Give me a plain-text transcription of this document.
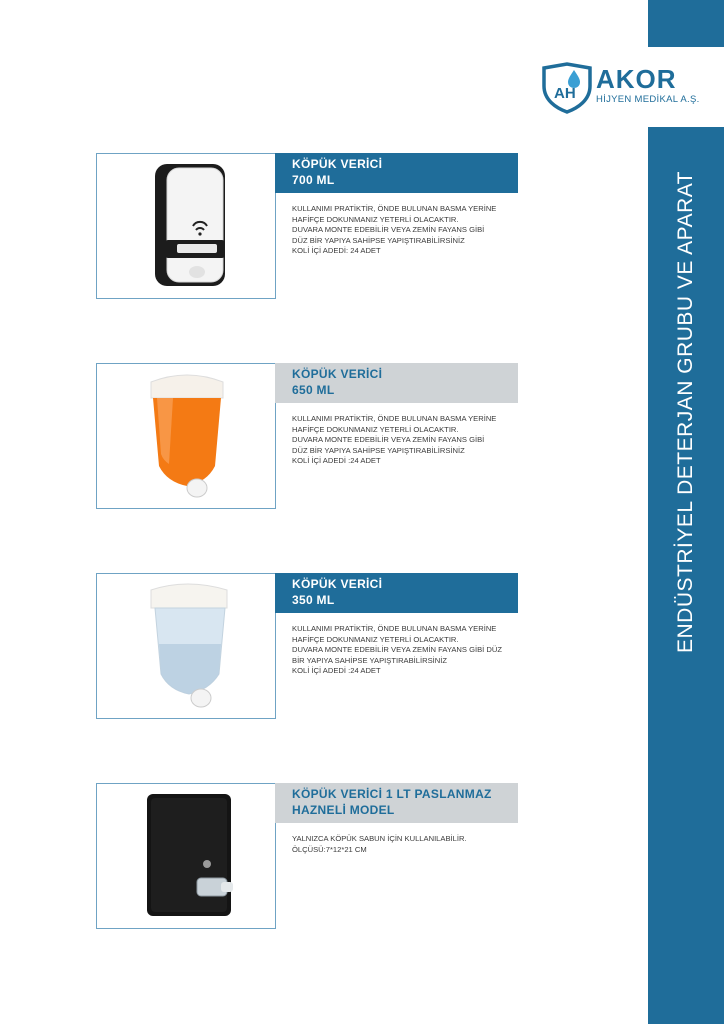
ENDÜSTRİYEL DETERJAN GRUBU VE APARAT
AH AKOR
HİJYEN MEDİKAL A.Ş.
KÖPÜK VERİCİ
700 ML
KULLANIMI PRATİKTİR, ÖNDE BULUNAN BASMA YERİNE
HAFİFÇE DOKUNMANIZ YETERLİ OLACAKTIR.
DUVARA MONTE EDEBİLİR VEYA ZEMİN FAYANS GİBİ
DÜZ BİR YAPIYA SAHİPSE YAPIŞTIRABİLİRSİNİZ
KOLİ İÇİ ADEDİ: 24 ADET
KÖPÜK VERİCİ
650 ML
KULLANIMI PRATİKTİR, ÖNDE BULUNAN BASMA YERİNE
HAFİFÇE DOKUNMANIZ YETERLİ OLACAKTIR.
DUVARA MONTE EDEBİLİR VEYA ZEMİN FAYANS GİBİ
DÜZ BİR YAPIYA SAHİPSE YAPIŞTIRABİLİRSİNİZ
KOLİ İÇİ ADEDİ :24 ADET
KÖPÜK VERİCİ
350 ML
KULLANIMI PRATİKTİR, ÖNDE BULUNAN BASMA YERİNE
HAFİFÇE DOKUNMANIZ YETERLİ OLACAKTIR.
DUVARA MONTE EDEBİLİR VEYA ZEMİN FAYANS GİBİ DÜZ
BİR YAPIYA SAHİPSE YAPIŞTIRABİLİRSİNİZ
KOLİ İÇİ ADEDİ :24 ADET
KÖPÜK VERİCİ 1 LT PASLANMAZ
HAZNELİ MODEL
YALNIZCA KÖPÜK SABUN İÇİN KULLANILABİLİR.
ÖLÇÜSÜ:7*12*21 CM
